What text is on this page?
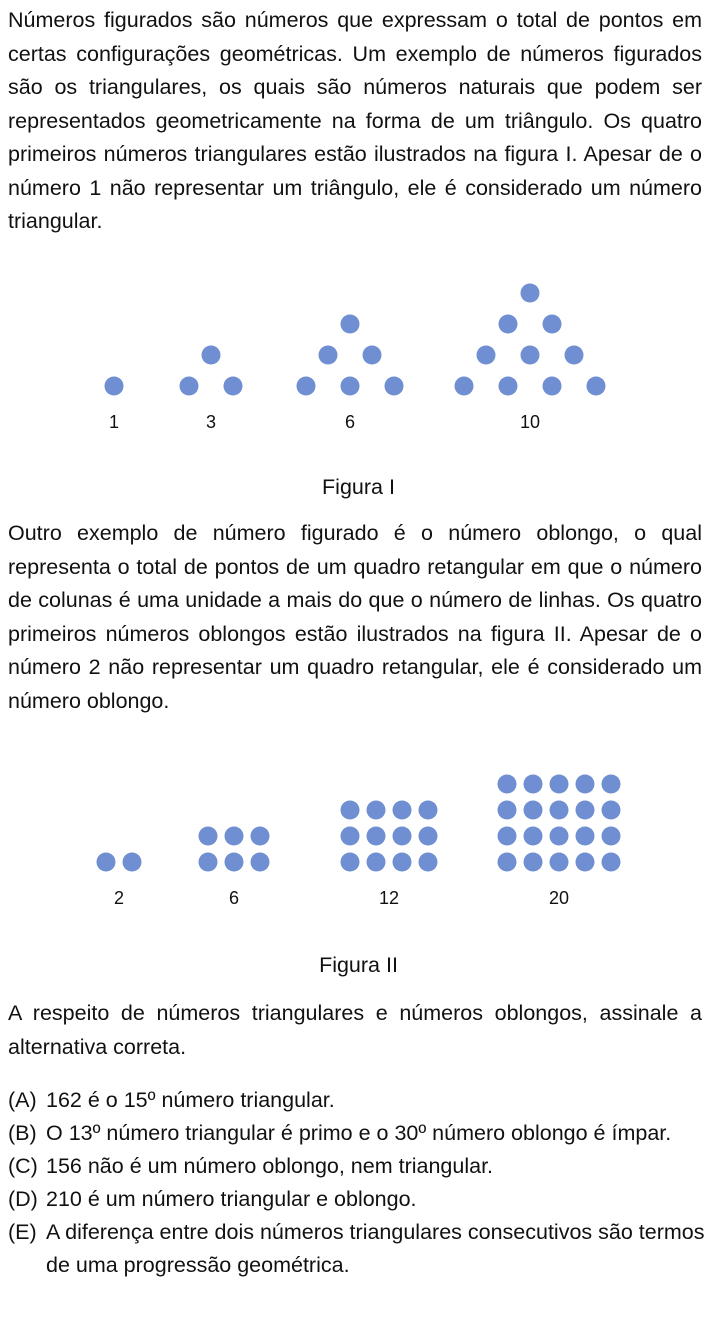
Números figurados são números que expressam o total de pontos em certas configurações geométricas. Um exemplo de números figurados são os triangulares, os quais são números naturais que podem ser representados geometricamente na forma de um triângulo. Os quatro primeiros números triangulares estão ilustrados na figura I. Apesar de o número 1 não representar um triângulo, ele é considerado um número triangular.

1	3	6	10
Figura I

Outro exemplo de número figurado é o número oblongo, o qual representa o total de pontos de um quadro retangular em que o número de colunas é uma unidade a mais do que o número de linhas. Os quatro primeiros números oblongos estão ilustrados na figura II. Apesar de o número 2 não representar um quadro retangular, ele é considerado um número oblongo.

2	6	12	20
Figura II

A respeito de números triangulares e números oblongos, assinale a alternativa correta.

(A) 162 é o 15º número triangular.
(B) O 13º número triangular é primo e o 30º número oblongo é ímpar.
(C) 156 não é um número oblongo, nem triangular.
(D) 210 é um número triangular e oblongo.
(E) A diferença entre dois números triangulares consecutivos são termos de uma progressão geométrica.
